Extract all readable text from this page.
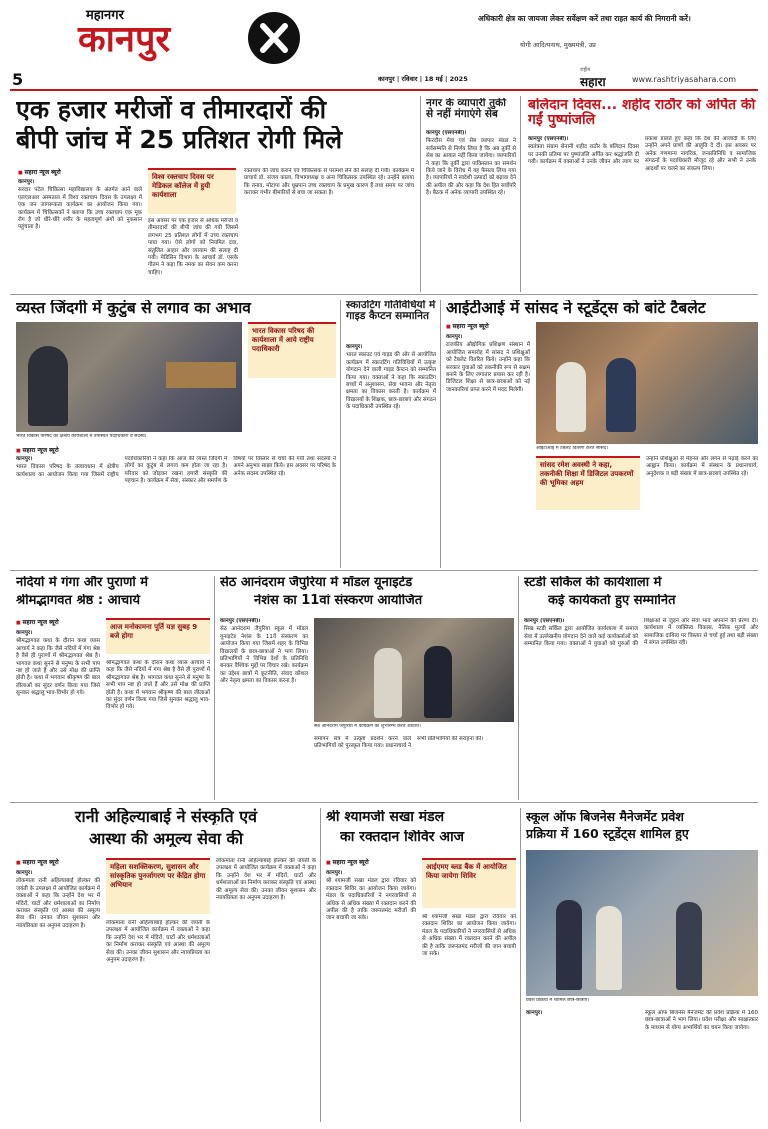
महानगर
कानपुर
5	कानपुर | रविवार | 18 मई | 2025
अधिकारी क्षेत्र का जायजा लेकर सर्वेक्षण करें तथा राहत कार्य की निगरानी करें।
योगी आदित्यनाथ, मुख्यमंत्री, उप्र
राष्ट्रीय
सहारा	www.rashtriyasahara.com
एक हजार मरीजों व तीमारदारों की
बीपी जांच में 25 प्रतिशत रोगी मिले
■ सहारा न्यूज ब्यूरो
कानपुर।
सरदार पटेल चिकित्सा महाविद्यालय के अंतर्गत आने वाले एलएलआर अस्पताल में विश्व रक्तचाप दिवस के उपलक्ष्य में एक जन जागरूकता कार्यक्रम का आयोजन किया गया। कार्यक्रम में चिकित्सकों ने बताया कि उच्च रक्तचाप एक मूक रोग है जो धीरे-धीरे शरीर के महत्वपूर्ण अंगों को नुकसान पहुंचाता है।
विश्व रक्तचाप दिवस पर मेडिकल कॉलेज में हुयी कार्यशाला
इस अवसर पर एक हजार से अधिक मरीजों व तीमारदारों की बीपी जांच की गयी जिसमें लगभग 25 प्रतिशत लोगों में उच्च रक्तचाप पाया गया। ऐसे लोगों को नियमित दवा, संतुलित आहार और व्यायाम की सलाह दी गयी। मेडिसिन विभाग के आचार्य डॉ. एसके गौतम ने कहा कि नमक का सेवन कम करना चाहिए।
रक्तचाप की जांच कराने एवं चिकित्सक से परामर्श लेने की सलाह दी गयी। कार्यक्रम में प्राचार्य डॉ. संजय काला, विभागाध्यक्ष व अन्य चिकित्सक उपस्थित रहे। उन्होंने बताया कि तनाव, मोटापा और धूम्रपान उच्च रक्तचाप के प्रमुख कारण हैं तथा समय पर जांच कराकर गंभीर बीमारियों से बचा जा सकता है।
नगर के व्यापारी तुर्की से नहीं मंगाएंगे सेब
कानपुर (एसएनबी)।
फिरदौस मेवा एवं सेब व्यापार मंडल ने सर्वसम्मति से निर्णय लिया है कि अब तुर्की से सेब का आयात नहीं किया जायेगा। व्यापारियों ने कहा कि तुर्की द्वारा पाकिस्तान का समर्थन किये जाने के विरोध में यह फैसला लिया गया है। व्यापारियों ने स्वदेशी उत्पादों को बढ़ावा देने की अपील की और कहा कि देश हित सर्वोपरि है। बैठक में अनेक व्यापारी उपस्थित रहे।
बलिदान दिवस... शहीद राठौर को अर्पित की गईं पुष्पांजलि
कानपुर (एसएनबी)।
स्वतंत्रता संग्राम सेनानी शहीद राठौर के बलिदान दिवस पर उनकी प्रतिमा पर पुष्पांजलि अर्पित कर श्रद्धांजलि दी गयी। कार्यक्रम में वक्ताओं ने उनके जीवन और त्याग पर प्रकाश डालते हुए कहा कि देश की आजादी के लिए उन्होंने अपने प्राणों की आहुति दे दी। इस अवसर पर अनेक गणमान्य नागरिक, जनप्रतिनिधि व सामाजिक संगठनों के पदाधिकारी मौजूद रहे और सभी ने उनके आदर्शों पर चलने का संकल्प लिया।
व्यस्त जिंदगी में कुटुंब से लगाव का अभाव
भारत विकास परिषद की क्षेत्रीय कार्यशाला में उपस्थित पदाधिकारी व सदस्य।
भारत विकास परिषद की कार्यशाला में आये राष्ट्रीय पदाधिकारी
■ सहारा न्यूज ब्यूरो
कानपुर।
भारत विकास परिषद के तत्वावधान में क्षेत्रीय कार्यशाला का आयोजन किया गया जिसमें राष्ट्रीय पदाधिकारियों ने कहा कि आज की व्यस्त जिंदगी में लोगों का कुटुंब से लगाव कम होता जा रहा है। परिवार को जोड़कर रखना हमारी संस्कृति की पहचान है। कार्यक्रम में सेवा, संस्कार और समर्पण के विषयों पर विस्तार से चर्चा की गयी तथा सदस्यों ने अपने अनुभव साझा किये। इस अवसर पर परिषद के अनेक सदस्य उपस्थित रहे।
स्काउटिंग गतिविधियों में गाइड कैप्टन सम्मानित
कानपुर।
भारत स्काउट एवं गाइड की ओर से आयोजित कार्यक्रम में स्काउटिंग गतिविधियों में उत्कृष्ट योगदान देने वाली गाइड कैप्टन को सम्मानित किया गया। वक्ताओं ने कहा कि स्काउटिंग बच्चों में अनुशासन, सेवा भावना और नेतृत्व क्षमता का विकास करती है। कार्यक्रम में विद्यालयों के शिक्षक, छात्र-छात्राएं और संगठन के पदाधिकारी उपस्थित रहे।
आईटीआई में सांसद ने स्टूडेंट्स को बांटे टैबलेट
■ सहारा न्यूज ब्यूरो
कानपुर।
राजकीय औद्योगिक प्रशिक्षण संस्थान में आयोजित समारोह में सांसद ने प्रशिक्षुओं को टैबलेट वितरित किये। उन्होंने कहा कि सरकार युवाओं को तकनीकी रूप से सक्षम बनाने के लिए लगातार प्रयास कर रही है। डिजिटल शिक्षा से छात्र-छात्राओं को नई जानकारियां प्राप्त करने में मदद मिलेगी।
आईटीआई में टैबलेट वितरण करते सांसद।
सांसद रमेश अवस्थी ने कहा, तकनीकी शिक्षा में डिजिटल उपकरणों की भूमिका अहम
उन्होंने प्रशिक्षुओं से मेहनत और लगन से पढ़ाई करने का आह्वान किया। कार्यक्रम में संस्थान के प्रधानाचार्य, अनुदेशक व बड़ी संख्या में छात्र-छात्राएं उपस्थित रहे।
नदियों में गंगा और पुराणों में
श्रीमद्भागवत श्रेष्ठ : आचार्य
■ सहारा न्यूज ब्यूरो
कानपुर।
श्रीमद्भागवत कथा के दौरान कथा व्यास आचार्य ने कहा कि जैसे नदियों में गंगा श्रेष्ठ है वैसे ही पुराणों में श्रीमद्भागवत श्रेष्ठ है। भागवत कथा सुनने से मनुष्य के सभी पाप नष्ट हो जाते हैं और उसे मोक्ष की प्राप्ति होती है। कथा में भगवान श्रीकृष्ण की बाल लीलाओं का सुंदर वर्णन किया गया जिसे सुनकर श्रद्धालु भाव-विभोर हो गये।
आज मनोकामना पूर्ति यज्ञ सुबह 9 बजे होगा
श्रीमद्भागवत कथा के दौरान कथा व्यास आचार्य ने कहा कि जैसे नदियों में गंगा श्रेष्ठ है वैसे ही पुराणों में श्रीमद्भागवत श्रेष्ठ है। भागवत कथा सुनने से मनुष्य के सभी पाप नष्ट हो जाते हैं और उसे मोक्ष की प्राप्ति होती है। कथा में भगवान श्रीकृष्ण की बाल लीलाओं का सुंदर वर्णन किया गया जिसे सुनकर श्रद्धालु भाव-विभोर हो गये।
सेठ आनंदराम जैपुरिया में मॉडल यूनाइटेड
नेशंस का 11वां संस्करण आयोजित
कानपुर (एसएनबी)।
सेठ आनंदराम जैपुरिया स्कूल में मॉडल यूनाइटेड नेशंस के 11वें संस्करण का आयोजन किया गया जिसमें शहर के विभिन्न विद्यालयों के छात्र-छात्राओं ने भाग लिया। प्रतिभागियों ने विभिन्न देशों के प्रतिनिधि बनकर वैश्विक मुद्दों पर विचार रखे। कार्यक्रम का उद्देश्य छात्रों में कूटनीति, संवाद कौशल और नेतृत्व क्षमता का विकास करना है।
सेठ आनंदराम जैपुरिया में कार्यक्रम का शुभारम्भ करते अतिथि।
समापन सत्र में उत्कृष्ट प्रदर्शन करने वाले प्रतिभागियों को पुरस्कृत किया गया। प्रधानाचार्य ने सभी प्रतिभागियों की सराहना की।
स्टडी सर्किल की कार्यशाला में
कई कार्यकर्ता हुए सम्मानित
कानपुर (एसएनबी)।
सिख स्टडी सर्किल द्वारा आयोजित कार्यशाला में समाज सेवा में उल्लेखनीय योगदान देने वाले कई कार्यकर्ताओं को सम्मानित किया गया। वक्ताओं ने युवाओं को गुरुओं की शिक्षाओं से जुड़ने और सेवा भाव अपनाने की प्रेरणा दी। कार्यशाला में व्यक्तित्व विकास, नैतिक मूल्यों और सामाजिक दायित्व पर विस्तार से चर्चा हुई तथा बड़ी संख्या में संगत उपस्थित रही।
रानी अहिल्याबाई ने संस्कृति एवं
आस्था की अमूल्य सेवा की
■ सहारा न्यूज ब्यूरो
कानपुर।
लोकमाता रानी अहिल्याबाई होल्कर की जयंती के उपलक्ष्य में आयोजित कार्यक्रम में वक्ताओं ने कहा कि उन्होंने देश भर में मंदिरों, घाटों और धर्मशालाओं का निर्माण कराकर संस्कृति एवं आस्था की अमूल्य सेवा की। उनका जीवन सुशासन और न्यायप्रियता का अनुपम उदाहरण है।
महिला सशक्तिकरण, सुशासन और सांस्कृतिक पुनर्जागरण पर केंद्रित होगा अभियान
लोकमाता रानी अहिल्याबाई होल्कर की जयंती के उपलक्ष्य में आयोजित कार्यक्रम में वक्ताओं ने कहा कि उन्होंने देश भर में मंदिरों, घाटों और धर्मशालाओं का निर्माण कराकर संस्कृति एवं आस्था की अमूल्य सेवा की। उनका जीवन सुशासन और न्यायप्रियता का अनुपम उदाहरण है।
लोकमाता रानी अहिल्याबाई होल्कर की जयंती के उपलक्ष्य में आयोजित कार्यक्रम में वक्ताओं ने कहा कि उन्होंने देश भर में मंदिरों, घाटों और धर्मशालाओं का निर्माण कराकर संस्कृति एवं आस्था की अमूल्य सेवा की। उनका जीवन सुशासन और न्यायप्रियता का अनुपम उदाहरण है।
श्री श्यामजी सखा मंडल
का रक्तदान शिविर आज
■ सहारा न्यूज ब्यूरो
कानपुर।
श्री श्यामजी सखा मंडल द्वारा रविवार को रक्तदान शिविर का आयोजन किया जायेगा। मंडल के पदाधिकारियों ने नगरवासियों से अधिक से अधिक संख्या में रक्तदान करने की अपील की है ताकि जरूरतमंद मरीजों की जान बचायी जा सके।
आईएमए ब्लड बैंक में आयोजित किया जायेगा शिविर
श्री श्यामजी सखा मंडल द्वारा रविवार को रक्तदान शिविर का आयोजन किया जायेगा। मंडल के पदाधिकारियों ने नगरवासियों से अधिक से अधिक संख्या में रक्तदान करने की अपील की है ताकि जरूरतमंद मरीजों की जान बचायी जा सके।
स्कूल ऑफ बिजनेस मैनेजमेंट प्रवेश
प्रक्रिया में 160 स्टूडेंट्स शामिल हुए
प्रवेश प्रक्रिया में शामिल छात्र-छात्राएं।
कानपुर।	स्कूल ऑफ बिजनेस मैनेजमेंट की प्रवेश प्रक्रिया में 160 छात्र-छात्राओं ने भाग लिया। प्रवेश परीक्षा और साक्षात्कार के माध्यम से योग्य अभ्यर्थियों का चयन किया जायेगा।
